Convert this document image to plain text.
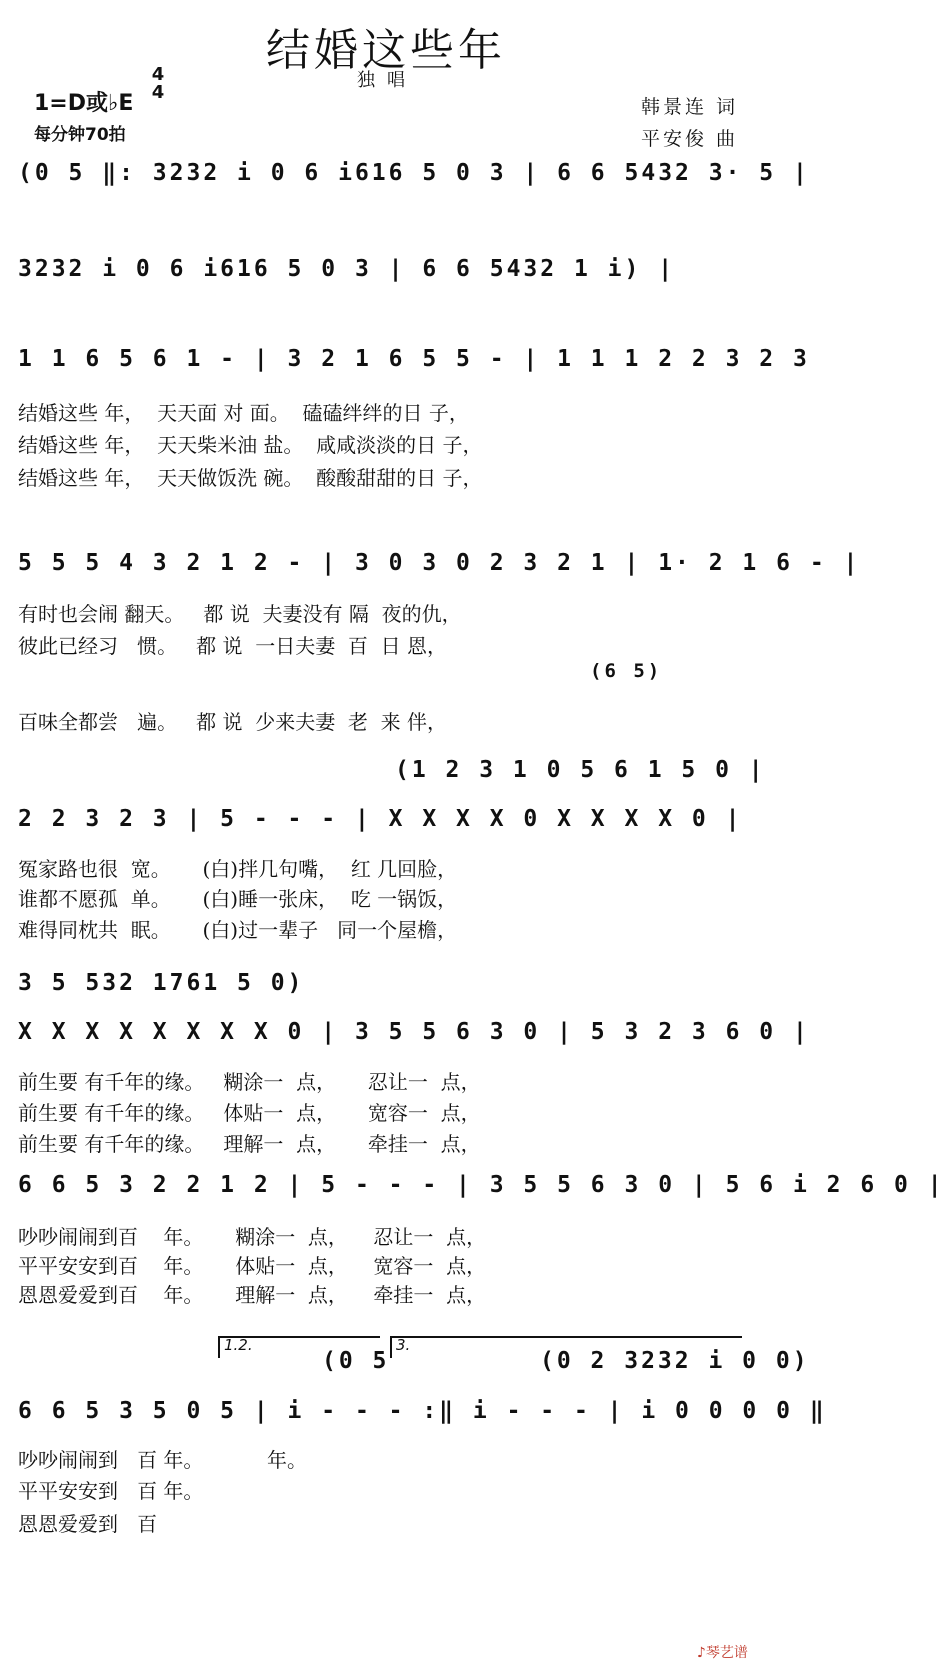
结婚这些年
独唱
1=D或♭E
4
4
每分钟70拍
韩景连 词
平安俊 曲
(0 5 ‖: 3232 i 0 6 i616 5 0 3 | 6 6 5432 3· 5 |
3232 i 0 6 i616 5 0 3 | 6 6 5432 1 i) |
1 1 6 5 6 1 - | 3 2 1 6 5 5 - | 1 1 1 2 2 3 2 3
结婚这些 年，  天天面 对 面。  磕磕绊绊的日 子，
结婚这些 年，  天天柴米油 盐。  咸咸淡淡的日 子，
结婚这些 年，  天天做饭洗 碗。  酸酸甜甜的日 子，
5 5 5 4 3 2 1 2 - | 3 0 3 0 2 3 2 1 | 1· 2 1 6 - |
有时也会闹 翻天。   都 说  夫妻没有 隔  夜的仇，
彼此已经习   惯。   都 说  一日夫妻  百  日 恩，
(6 5)
百味全都尝   遍。   都 说  少来夫妻  老  来 伴，
(1 2 3 1 0 5 6 1 5 0 |
2 2 3 2 3 | 5 - - - | X X X X 0 X X X X 0 |
冤家路也很  宽。     (白)拌几句嘴，  红 几回脸，
谁都不愿孤  单。     (白)睡一张床，  吃 一锅饭，
难得同枕共  眠。     (白)过一辈子   同一个屋檐，
3 5 532 1761 5 0)
X X X X X X X X 0 | 3 5 5 6 3 0 | 5 3 2 3 6 0 |
前生要 有千年的缘。   糊涂一  点，     忍让一  点，
前生要 有千年的缘。   体贴一  点，     宽容一  点，
前生要 有千年的缘。   理解一  点，     牵挂一  点，
6 6 5 3 2 2 1 2 | 5 - - - | 3 5 5 6 3 0 | 5 6 i 2 6 0 |
吵吵闹闹到百    年。     糊涂一  点，    忍让一  点，
平平安安到百    年。     体贴一  点，    宽容一  点，
恩恩爱爱到百    年。     理解一  点，    牵挂一  点，
1.2.	3.
(0 5	(0 2 3232 i 0 0)
6 6 5 3 5 0 5 | i - - - :‖ i - - - | i 0 0 0 0 ‖
吵吵闹闹到   百 年。          年。
平平安安到   百 年。
恩恩爱爱到   百

♪琴艺谱
